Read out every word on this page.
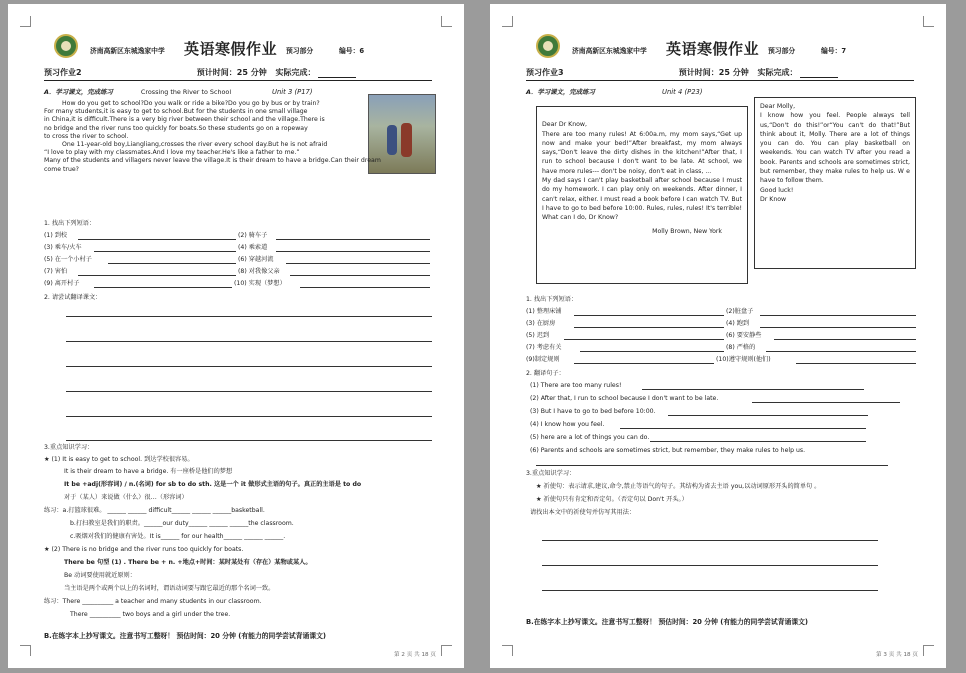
济南高新区东城逸家中学 英语寒假作业 预习部分	编号：6
预习作业2	预计时间：25 分钟 实际完成：
A．学习课文，完成练习	Crossing the River to School	Unit 3 (P17)
How do you get to school?Do you walk or ride a bike?Do you go by bus or by train?
For many students,it is easy to get to school.But for the students in one small village
in China,it is difficult.There is a very big river between their school and the village.There is
no bridge and the river runs too quickly for boats.So these students go on a ropeway
to cross the river to school.
One 11-year-old boy,Liangliang,crosses the river every school day.But he is not afraid
“I love to play with my classmates.And I love my teacher.He's like a father to me.”
Many of the students and villagers never leave the village.It is their dream to have a bridge.Can their dream
come true?
1. 找出下列短语：
(1) 到校	(2) 骑车子
(3) 乘车/火车	(4) 乘索道
(5) 在一个小村子	(6) 穿越河流
(7) 害怕	(8) 对我像父亲
(9) 离开村子	(10) 实现（梦想）
2. 请尝试翻译课文：
3.重点知识学习：
★ (1) It is easy to get to school. 到达学校很容易。
It is their dream to have a bridge. 有一座桥是他们的梦想
It be +adj(形容词) / n.(名词) for sb to do sth. 这是一个 it 做形式主语的句子。真正的主语是 to do
对于（某人）来说做（什么）很…（形容词）
练习：a.打篮球很难。 ______ ______ difficult______ ______ ______basketball.
b.打扫教室是我们的职责。______our duty______ ______ ______the classroom.
c.吸烟对我们的健康有害处。It is______ for our health______ ______ ______.
★ (2) There is no bridge and the river runs too quickly for boats.
There be 句型 (1) . There be + n. +地点+时间：某时某处有（存在）某物或某人。
Be 动词要使用就近原则：
当主语是两个或两个以上的名词时，谓语动词要与跟它最近的那个名词一致。
练习：There __________ a teacher and many students in our classroom.
There __________ two boys and a girl under the tree.
B.在练字本上抄写课文。注意书写工整呀！ 预估时间：20 分钟 (有能力的同学尝试背诵课文)
第 2 页 共 18 页
济南高新区东城逸家中学 英语寒假作业 预习部分	编号：7
预习作业3	预计时间：25 分钟 实际完成：
A．学习课文，完成练习	Unit 4 (P23)

Dear Dr Know,
There are too many rules! At 6:00a.m, my mom says,“Get up now and make your bed!”After breakfast, my mom always says,“Don't leave the dirty dishes in the kitchen!”After that, I run to school because I don't want to be late. At school, we have more rules--- don't be noisy, don't eat in class, ...
My dad says I can't play basketball after school because I must do my homework. I can play only on weekends. After dinner, I can't relax, either. I must read a book before I can watch TV. But I have to go to bed before 10:00. Rules, rules, rules! It's terrible! What can I do, Dr Know?

Molly Brown, New York

Dear Molly,
I know how you feel. People always tell us,“Don't do this!”or“You can't do that!”But think about it, Molly. There are a lot of things you can do. You can play basketball on weekends. You can watch TV after you read a book. Parents and schools are sometimes strict, but remember, they make rules to help us. W e have to follow them.
Good luck!
Dr Know
1. 找出下列短语：
(1) 整理床铺	(2)脏盘子
(3) 在厨房	(4) 跑到
(5) 迟到	(6) 要安静些
(7) 考虑有关	(8) 严格的
(9)制定规则	(10)遵守规则(他们)
2. 翻译句子：
(1) There are too many rules!
(2) After that, I run to school because I don't want to be late.
(3) But I have to go to bed before 10:00.
(4) I know how you feel.
(5) here are a lot of things you can do.
(6) Parents and schools are sometimes strict, but remember, they make rules to help us.
3.重点知识学习：
★ 祈使句：表示请求,建议,命令,禁止等语气的句子。其结构为省去主语 you,以动词原形开头的简单句 。
★ 祈使句只有肯定和否定句。（否定句以 Don't 开头。）
请找出本文中的祈使句并仿写其用法：
B.在练字本上抄写课文。注意书写工整呀！ 预估时间：20 分钟 (有能力的同学尝试背诵课文)
第 3 页 共 18 页
